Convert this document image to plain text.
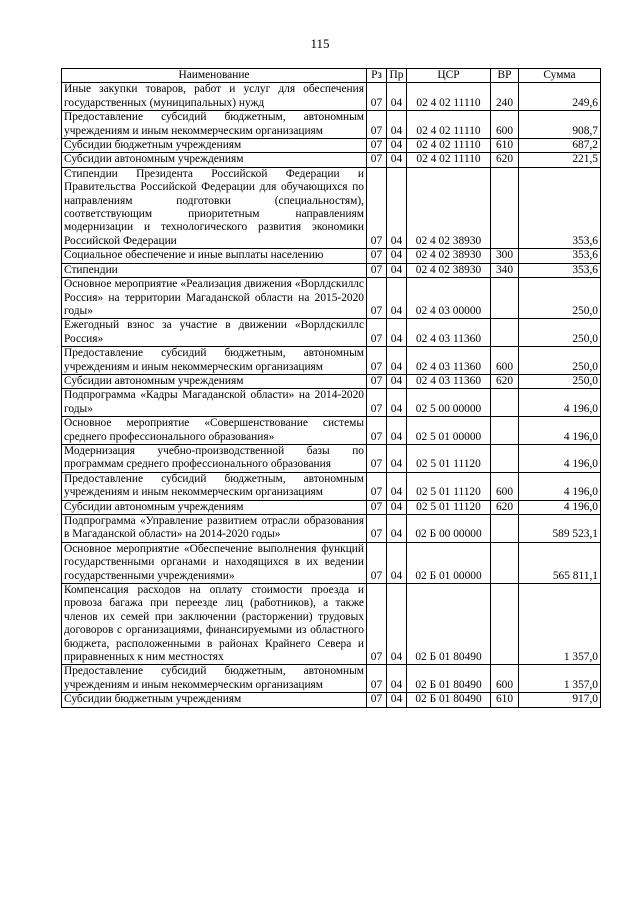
115
Наименование	Рз	Пр	ЦСР	ВР	Сумма
Иные закупки товаров, работ и услуг для обеспечения государственных (муниципальных) нужд	07	04	02 4 02 11110	240	249,6
Предоставление субсидий бюджетным, автономным учреждениям и иным некоммерческим организациям	07	04	02 4 02 11110	600	908,7
Субсидии бюджетным учреждениям	07	04	02 4 02 11110	610	687,2
Субсидии автономным учреждениям	07	04	02 4 02 11110	620	221,5
Стипендии Президента Российской Федерации и Правительства Российской Федерации для обучающихся по направлениям подготовки (специальностям), соответствующим приоритетным направлениям модернизации и технологического развития экономики Российской Федерации	07	04	02 4 02 38930		353,6
Социальное обеспечение и иные выплаты населению	07	04	02 4 02 38930	300	353,6
Стипендии	07	04	02 4 02 38930	340	353,6
Основное мероприятие «Реализация движения «Ворлдскиллс Россия» на территории Магаданской области на 2015-2020 годы»	07	04	02 4 03 00000		250,0
Ежегодный взнос за участие в движении «Ворлдскиллс Россия»	07	04	02 4 03 11360		250,0
Предоставление субсидий бюджетным, автономным учреждениям и иным некоммерческим организациям	07	04	02 4 03 11360	600	250,0
Субсидии автономным учреждениям	07	04	02 4 03 11360	620	250,0
Подпрограмма «Кадры Магаданской области» на 2014-2020 годы»	07	04	02 5 00 00000		4 196,0
Основное мероприятие «Совершенствование системы среднего профессионального образования»	07	04	02 5 01 00000		4 196,0
Модернизация учебно-производственной базы по программам среднего профессионального образования	07	04	02 5 01 11120		4 196,0
Предоставление субсидий бюджетным, автономным учреждениям и иным некоммерческим организациям	07	04	02 5 01 11120	600	4 196,0
Субсидии автономным учреждениям	07	04	02 5 01 11120	620	4 196,0
Подпрограмма «Управление развитием отрасли образования в Магаданской области» на 2014-2020 годы»	07	04	02 Б 00 00000		589 523,1
Основное мероприятие «Обеспечение выполнения функций государственными органами и находящихся в их ведении государственными учреждениями»	07	04	02 Б 01 00000		565 811,1
Компенсация расходов на оплату стоимости проезда и провоза багажа при переезде лиц (работников), а также членов их семей при заключении (расторжении) трудовых договоров с организациями, финансируемыми из областного бюджета, расположенными в районах Крайнего Севера и приравненных к ним местностях	07	04	02 Б 01 80490		1 357,0
Предоставление субсидий бюджетным, автономным учреждениям и иным некоммерческим организациям	07	04	02 Б 01 80490	600	1 357,0
Субсидии бюджетным учреждениям	07	04	02 Б 01 80490	610	917,0
